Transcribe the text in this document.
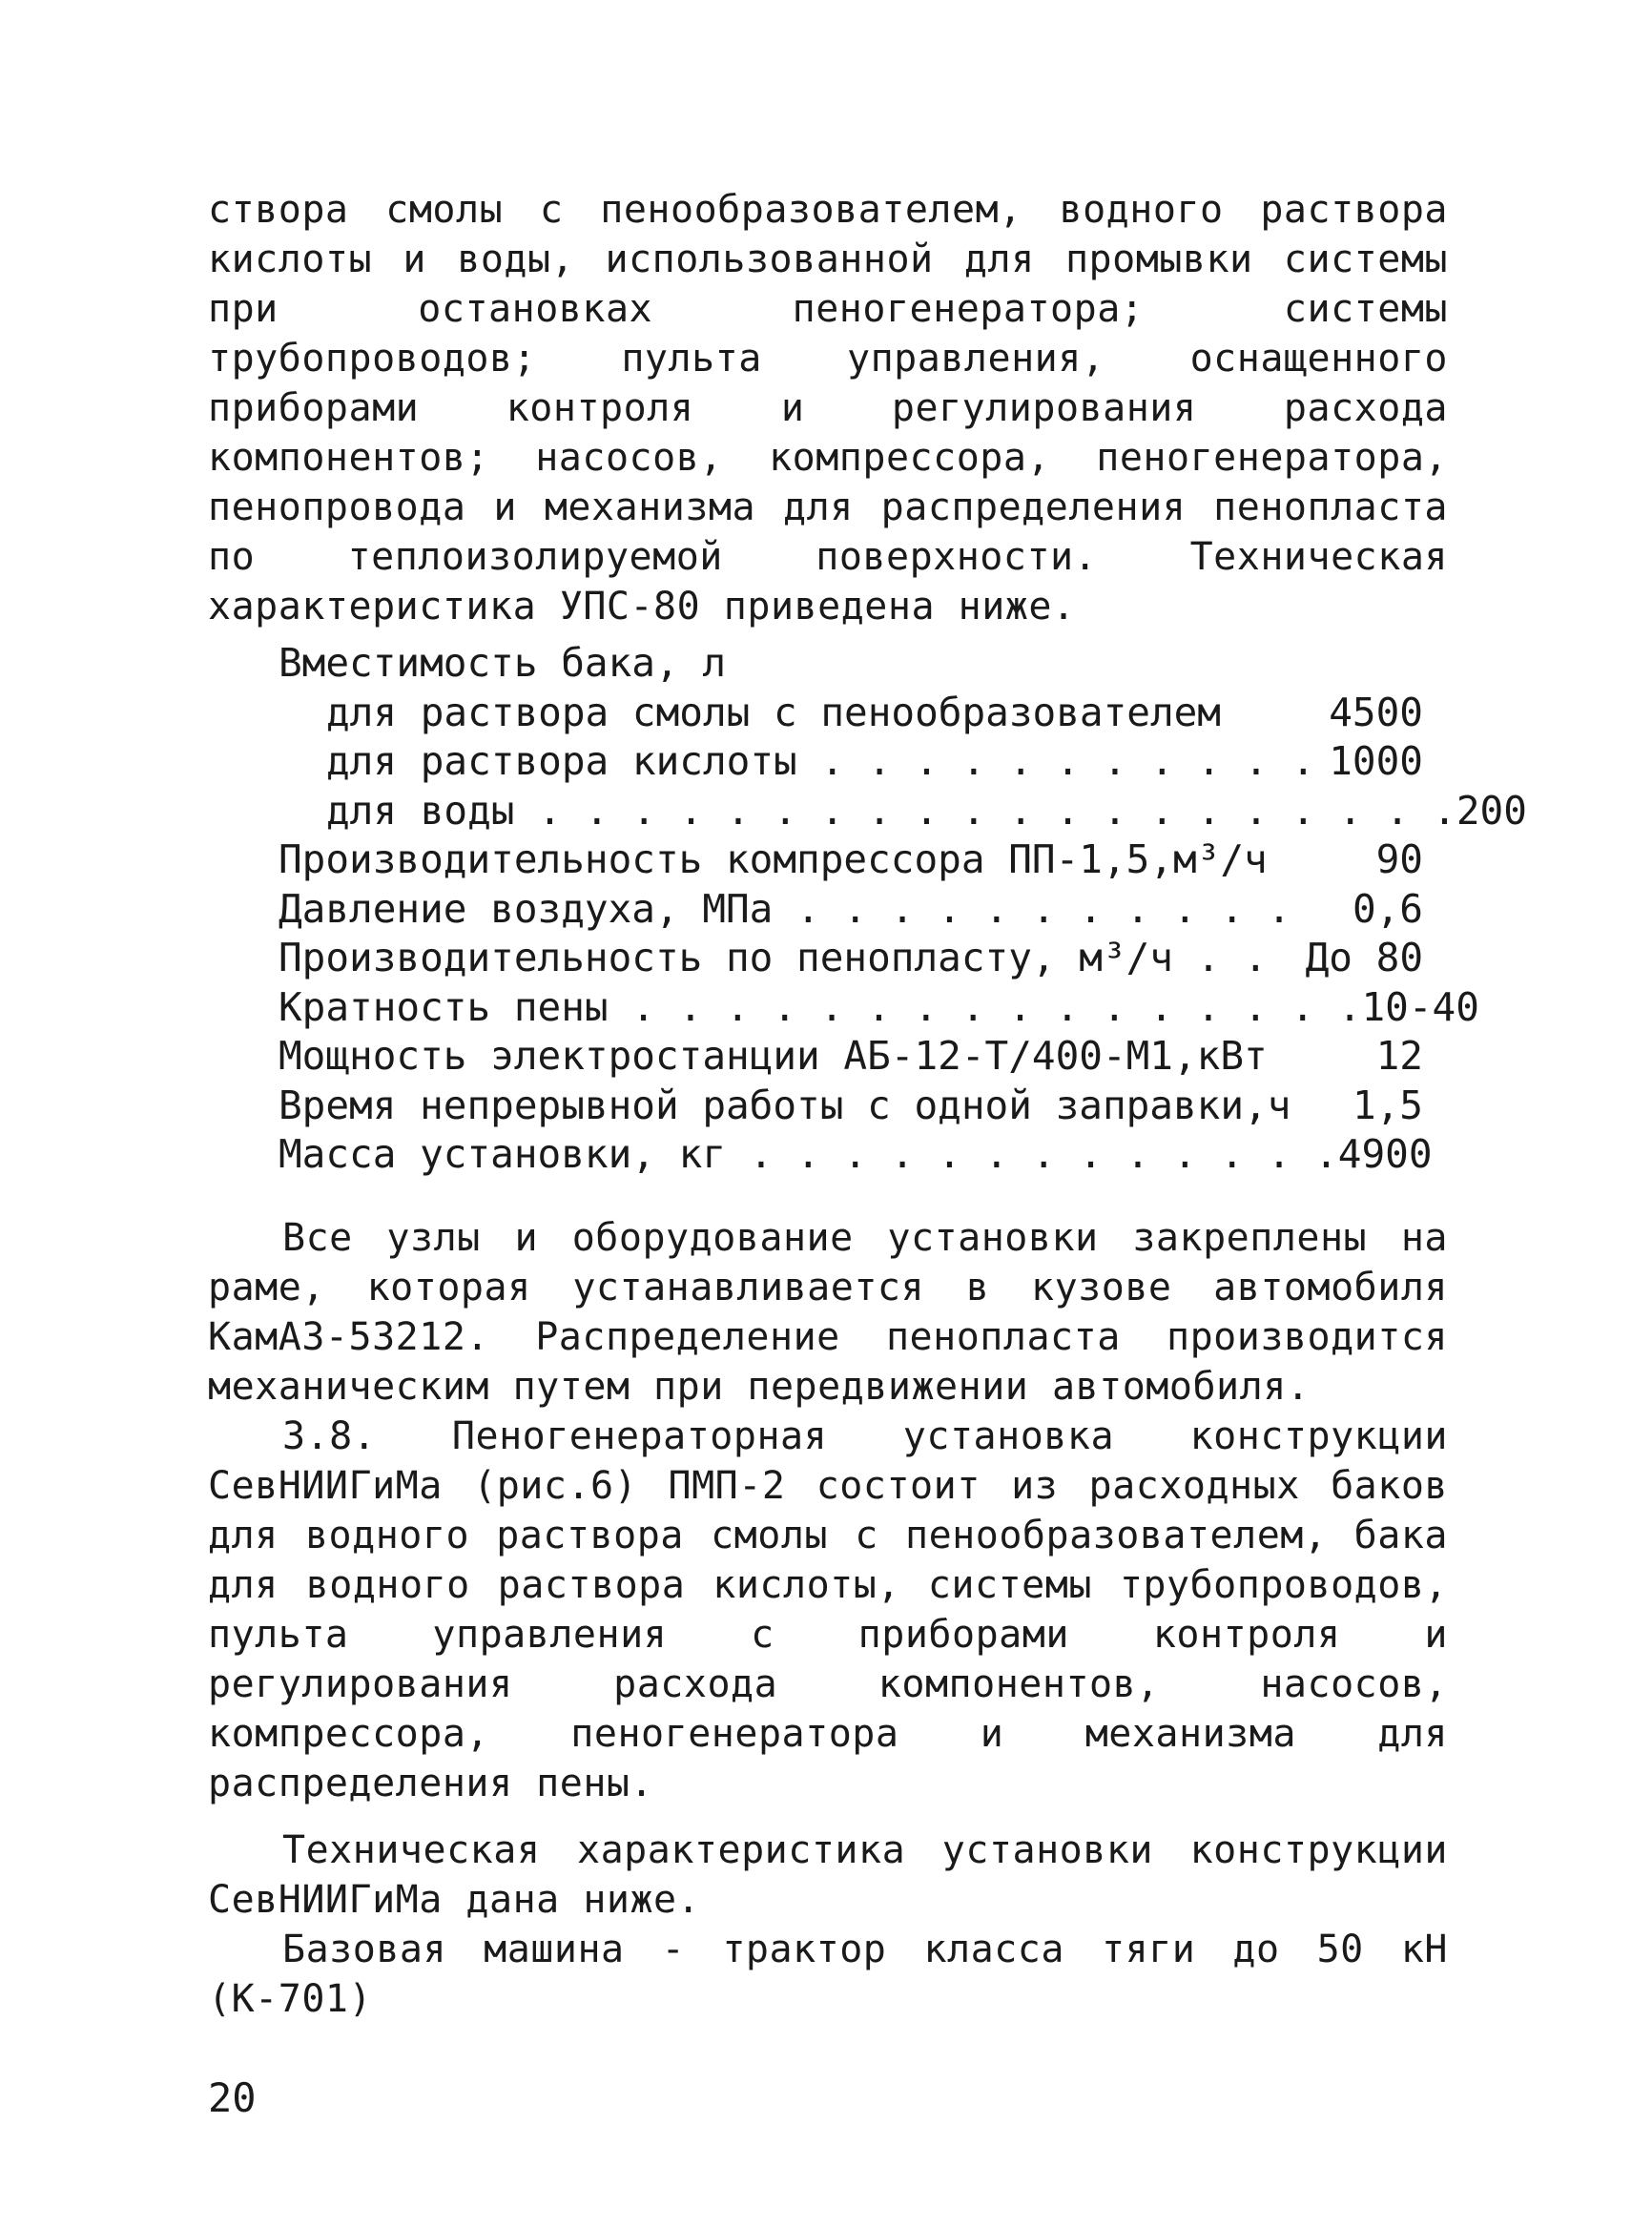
створа смолы с пенообразователем, водного раствора кислоты и воды, использованной для промывки системы при остановках пеногенератора; системы трубопроводов; пульта управления, оснащенного приборами контроля и регулирования расхода компонентов; насосов, компрессора, пеногенератора, пенопровода и механизма для распределения пенопласта по теплоизолируемой поверхности. Техническая характеристика УПС-80 приведена ниже.

Вместимость бака, л
для раствора смолы с пенообразователем	4500
для раствора кислоты . . . . . . . . . . . 1000
для воды . . . . . . . . . . . . . . . . . . . . 200
Производительность компрессора ПП-1,5,м³/ч	90
Давление воздуха, МПа . . . . . . . . . . . 0,6
Производительность по пенопласту, м³/ч . . До 80
Кратность пены . . . . . . . . . . . . . . . . 10-40
Мощность электростанции АБ-12-Т/400-М1,кВт	12
Время непрерывной работы с одной заправки,ч 1,5
Масса установки, кг . . . . . . . . . . . . . 4900

Все узлы и оборудование установки закреплены на раме, которая устанавливается в кузове автомобиля КамАЗ-53212. Распределение пенопласта производится механическим путем при передвижении автомобиля.

3.8. Пеногенераторная установка конструкции СевНИИГиМа (рис.6) ПМП-2 состоит из расходных баков для водного раствора смолы с пенообразователем, бака для водного раствора кислоты, системы трубопроводов, пульта управления с приборами контроля и регулирования расхода компонентов, насосов, компрессора, пеногенератора и механизма для распределения пены.

Техническая характеристика установки конструкции СевНИИГиМа дана ниже.

Базовая машина - трактор класса тяги до 50 кН (К-701)

20
